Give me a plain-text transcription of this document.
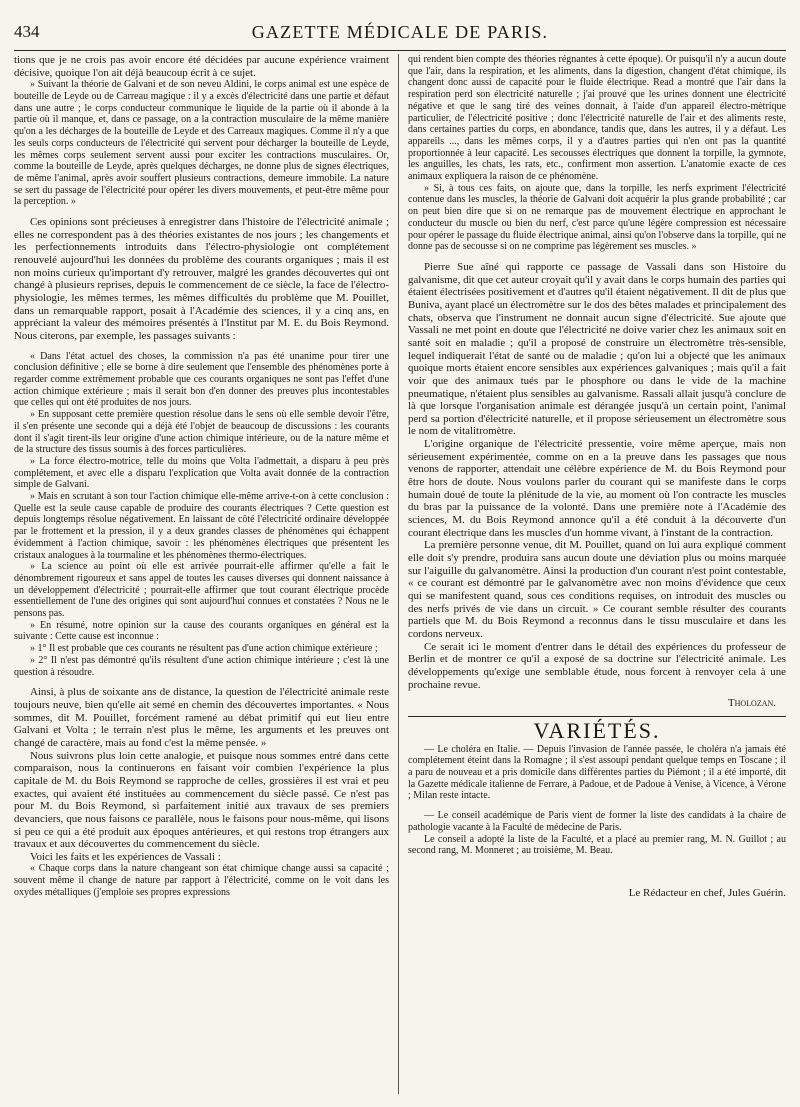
434	GAZETTE MÉDICALE DE PARIS.

tions que je ne crois pas avoir encore été décidées par aucune expérience vraiment décisive, quoique l'on ait déjà beaucoup écrit à ce sujet.

» Suivant la théorie de Galvani et de son neveu Aldini, le corps animal est une espèce de bouteille de Leyde ou de Carreau magique : il y a excès d'électricité dans une partie et défaut dans une autre ; le corps conducteur communique le liquide de la partie où il abonde à la partie où il manque, et, dans ce passage, on a la contraction musculaire de la même manière qu'on a les décharges de la bouteille de Leyde et des Carreaux magiques. Comme il n'y a que les seuls corps conducteurs de l'électricité qui servent pour décharger la bouteille de Leyde, les mêmes corps seulement servent aussi pour exciter les contractions musculaires. Or, comme la bouteille de Leyde, après quelques décharges, ne donne plus de signes électriques, de même l'animal, après avoir souffert plusieurs contractions, demeure immobile. La nature se sert du passage de l'électricité pour opérer les divers mouvements, et peut-être même pour la perception. »

Ces opinions sont précieuses à enregistrer dans l'histoire de l'électricité animale ; elles ne correspondent pas à des théories existantes de nos jours ; les changements et les perfectionnements introduits dans l'électro-physiologie ont complétement renouvelé aujourd'hui les données du problème des courants organiques ; mais il est non moins curieux qu'important d'y retrouver, malgré les grandes découvertes qui ont changé à plusieurs reprises, depuis le commencement de ce siècle, la face de l'électro-physiologie, les mêmes termes, les mêmes difficultés du problème que M. Pouillet, dans un remarquable rapport, posait à l'Académie des sciences, il y a cinq ans, en appréciant la valeur des mémoires présentés à l'Institut par M. E. du Bois Reymond. Nous citerons, par exemple, les passages suivants :

« Dans l'état actuel des choses, la commission n'a pas été unanime pour tirer une conclusion définitive ; elle se borne à dire seulement que l'ensemble des phénomènes porte à regarder comme extrêmement probable que ces courants organiques ne sont pas l'effet d'une action chimique extérieure ; mais il serait bon d'en donner des preuves plus incontestables que celles qui ont été produites de nos jours.

» En supposant cette première question résolue dans le sens où elle semble devoir l'être, il s'en présente une seconde qui a déjà été l'objet de beaucoup de discussions : les courants dont il s'agit tirent-ils leur origine d'une action chimique intérieure, ou de la nature même et de la structure des tissus soumis à des forces particulières.

» La force électro-motrice, telle du moins que Volta l'admettait, a disparu à peu près complétement, et avec elle a disparu l'explication que Volta avait donnée de la contraction simple de Galvani.

» Mais en scrutant à son tour l'action chimique elle-même arrive-t-on à cette conclusion : Quelle est la seule cause capable de produire des courants électriques ? Cette question est depuis longtemps résolue négativement. En laissant de côté l'électricité ordinaire développée par le frottement et la pression, il y a deux grandes classes de phénomènes qui échappent évidemment à l'action chimique, savoir : les phénomènes électriques que présentent les cristaux analogues à la tourmaline et les phénomènes thermo-électriques.

» La science au point où elle est arrivée pourrait-elle affirmer qu'elle a fait le dénombrement rigoureux et sans appel de toutes les causes diverses qui donnent naissance à un développement d'électricité ; pourrait-elle affirmer que tout courant électrique procède essentiellement de l'une des origines qui sont aujourd'hui connues et constatées ? Nous ne le pensons pas.

» En résumé, notre opinion sur la cause des courants organiques en général est la suivante : Cette cause est inconnue :

» 1° Il est probable que ces courants ne résultent pas d'une action chimique extérieure ;

» 2° Il n'est pas démontré qu'ils résultent d'une action chimique intérieure ; c'est là une question à résoudre.

Ainsi, à plus de soixante ans de distance, la question de l'électricité animale reste toujours neuve, bien qu'elle ait semé en chemin des découvertes importantes. « Nous sommes, dit M. Pouillet, forcément ramené au débat primitif qui eut lieu entre Galvani et Volta ; le terrain n'est plus le même, les arguments et les preuves ont changé de caractère, mais au fond c'est la même pensée. »

Nous suivrons plus loin cette analogie, et puisque nous sommes entré dans cette comparaison, nous la continuerons en faisant voir combien l'expérience la plus capitale de M. du Bois Reymond se rapproche de celles, grossières il est vrai et peu exactes, qui avaient été instituées au commencement du siècle passé. Ce n'est pas pour M. du Bois Reymond, si parfaitement initié aux travaux de ses premiers devanciers, que nous faisons ce parallèle, nous le faisons pour nous-même, qui lisons si peu ce qui a été produit aux époques antérieures, et qui restons trop étrangers aux travaux et aux découvertes du commencement du siècle.

Voici les faits et les expériences de Vassali :

« Chaque corps dans la nature changeant son état chimique change aussi sa capacité ; souvent même il change de nature par rapport à l'électricité, comme on le voit dans les oxydes métalliques (j'emploie ses propres expressions

qui rendent bien compte des théories régnantes à cette époque). Or puisqu'il n'y a aucun doute que l'air, dans la respiration, et les aliments, dans la digestion, changent d'état chimique, ils changent donc aussi de capacité pour le fluide électrique. Read a montré que l'air dans la respiration perd son électricité naturelle ; j'ai prouvé que les urines donnent une électricité négative et que le sang tiré des veines donnait, à l'aide d'un appareil électro-mètrique particulier, de l'électricité positive ; donc l'électricité naturelle de l'air et des aliments reste, dans certaines parties du corps, en abondance, tandis que, dans les autres, il y a défaut. Les appareils ..., dans les mêmes corps, il y a d'autres parties qui n'en ont pas la quantité proportionnée à leur capacité. Les secousses électriques que donnent la torpille, la gymnote, les anguilles, les chats, les rats, etc., confirment mon assertion. L'anatomie exacte de ces animaux expliquera la raison de ce phénomène.

» Si, à tous ces faits, on ajoute que, dans la torpille, les nerfs expriment l'électricité contenue dans les muscles, la théorie de Galvani doit acquérir la plus grande probabilité ; car on peut bien dire que si on ne remarque pas de mouvement électrique en approchant le conducteur du muscle ou bien du nerf, c'est parce qu'une légère compression est nécessaire pour opérer le passage du fluide électrique animal, ainsi qu'on l'observe dans la torpille, qui ne donne pas de secousse si on ne comprime pas légèrement ses muscles. »

Pierre Sue aîné qui rapporte ce passage de Vassali dans son Histoire du galvanisme, dit que cet auteur croyait qu'il y avait dans le corps humain des parties qui étaient électrisées positivement et d'autres qu'il étaient négativement. Il dit de plus que Buniva, ayant placé un électromètre sur le dos des bêtes malades et principalement des chats, observa que l'instrument ne donnait aucun signe d'électricité. Sue ajoute que Vassali ne met point en doute que l'électricité ne doive varier chez les animaux soit en santé soit en maladie ; qu'il a proposé de construire un électromètre très-sensible, lequel indiquerait l'état de santé ou de maladie ; qu'on lui a objecté que les animaux quoique morts étaient encore sensibles aux expériences galvaniques ; mais qu'il a fait voir que des animaux tués par le phosphore ou dans le vide de la machine pneumatique, n'étaient plus sensibles au galvanisme. Rassali allait jusqu'à conclure de là que lorsque l'organisation animale est dérangée jusqu'à un certain point, l'animal perd sa portion d'électricité naturelle, et il propose sérieusement un électromètre sous le nom de vitalitromètre.

L'origine organique de l'électricité pressentie, voire même aperçue, mais non sérieusement expérimentée, comme on en a la preuve dans les passages que nous venons de rapporter, attendait une célèbre expérience de M. du Bois Reymond pour être hors de doute. Nous voulons parler du courant qui se manifeste dans le corps humain doué de toute la plénitude de la vie, au moment où l'on contracte les muscles du bras par la puissance de la volonté. Dans une première note à l'Académie des sciences, M. du Bois Reymond annonce qu'il a été conduit à la découverte d'un courant électrique dans les muscles d'un homme vivant, à l'instant de la contraction.

La première personne venue, dit M. Pouillet, quand on lui aura expliqué comment elle doit s'y prendre, produira sans aucun doute une déviation plus ou moins marquée sur l'aiguille du galvanomètre. Ainsi la production d'un courant n'est point contestable, « ce courant est démontré par le galvanomètre avec non moins d'évidence que ceux qui se manifestent quand, sous ces conditions requises, on introduit des muscles ou des nerfs privés de vie dans un circuit. » Ce courant semble résulter des courants partiels que M. du Bois Reymond a reconnus dans le tissu musculaire et dans les cordons nerveux.

Ce serait ici le moment d'entrer dans le détail des expériences du professeur de Berlin et de montrer ce qu'il a exposé de sa doctrine sur l'électricité animale. Les développements qu'exige une semblable étude, nous forcent à renvoyer cela à une prochaine revue.

Tholozan.
VARIÉTÉS.

— Le choléra en Italie. — Depuis l'invasion de l'année passée, le choléra n'a jamais été complétement éteint dans la Romagne ; il s'est assoupi pendant quelque temps en Toscane ; il a paru de nouveau et a pris domicile dans différentes parties du Piémont ; il a été importé, dit la Gazette médicale italienne de Ferrare, à Padoue, et de Padoue à Venise, à Vicence, à Vérone ; Milan reste intacte.

— Le conseil académique de Paris vient de former la liste des candidats à la chaire de pathologie vacante à la Faculté de médecine de Paris.

Le conseil a adopté la liste de la Faculté, et a placé au premier rang, M. N. Guillot ; au second rang, M. Monneret ; au troisième, M. Beau.

Le Rédacteur en chef, Jules Guérin.
